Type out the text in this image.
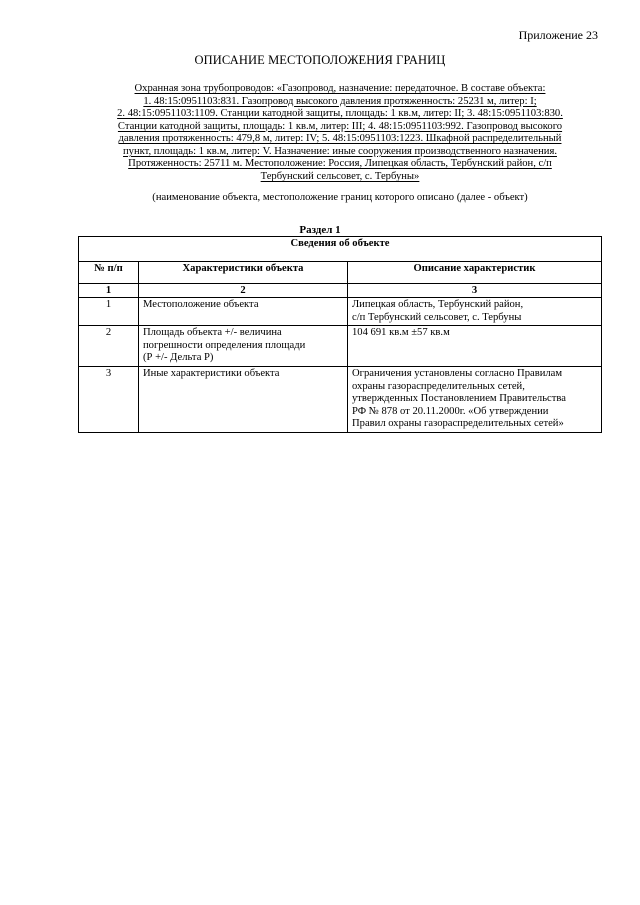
Приложение 23
ОПИСАНИЕ МЕСТОПОЛОЖЕНИЯ ГРАНИЦ
Охранная зона трубопроводов: «Газопровод, назначение: передаточное. В составе объекта:
1. 48:15:0951103:831. Газопровод высокого давления протяженность: 25231 м, литер: I;
2. 48:15:0951103:1109. Станции катодной защиты, площадь: 1 кв.м, литер: II; 3. 48:15:0951103:830.
Станции катодной защиты, площадь: 1 кв.м, литер: III; 4. 48:15:0951103:992. Газопровод высокого
давления протяженность: 479,8 м, литер: IV; 5. 48:15:0951103:1223. Шкафной распределительный
пункт, площадь: 1 кв.м, литер: V. Назначение: иные сооружения производственного назначения.
Протяженность: 25711 м. Местоположение: Россия, Липецкая область, Тербунский район, с/п
Тербунский сельсовет, с. Тербуны»
(наименование объекта, местоположение границ которого описано (далее - объект)
Раздел 1
Сведения об объекте		
№ п/п	Характеристики объекта	Описание характеристик
1	2	3
1	Местоположение объекта	Липецкая область, Тербунский район,
с/п Тербунский сельсовет, с. Тербуны

2	Площадь объекта +/- величина
погрешности определения площади
(Р +/- Дельта Р)	104 691 кв.м ±57 кв.м

3	Иные характеристики объекта	Ограничения установлены согласно Правилам
охраны газораспределительных сетей,
утвержденных Постановлением Правительства
РФ № 878 от 20.11.2000г. «Об утверждении
Правил охраны газораспределительных сетей»
